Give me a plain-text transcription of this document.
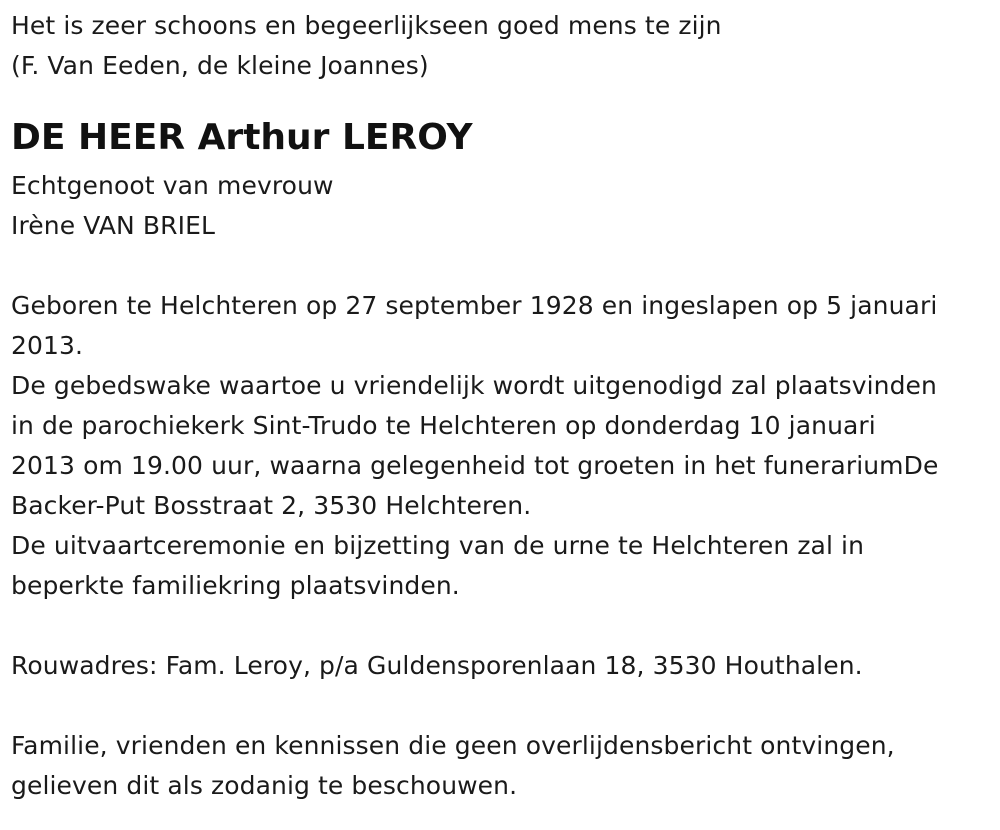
Het is zeer schoons en begeerlijkseen goed mens te zijn
(F. Van Eeden, de kleine Joannes)
DE HEER Arthur LEROY
Echtgenoot van mevrouw
Irène VAN BRIEL
Geboren te Helchteren op 27 september 1928 en ingeslapen op 5 januari
2013.
De gebedswake waartoe u vriendelijk wordt uitgenodigd zal plaatsvinden
in de parochiekerk Sint-Trudo te Helchteren op donderdag 10 januari
2013 om 19.00 uur, waarna gelegenheid tot groeten in het funerariumDe
Backer-Put Bosstraat 2, 3530 Helchteren.
De uitvaartceremonie en bijzetting van de urne te Helchteren zal in
beperkte familiekring plaatsvinden.
Rouwadres: Fam. Leroy, p/a Guldensporenlaan 18, 3530 Houthalen.
Familie, vrienden en kennissen die geen overlijdensbericht ontvingen,
gelieven dit als zodanig te beschouwen.
